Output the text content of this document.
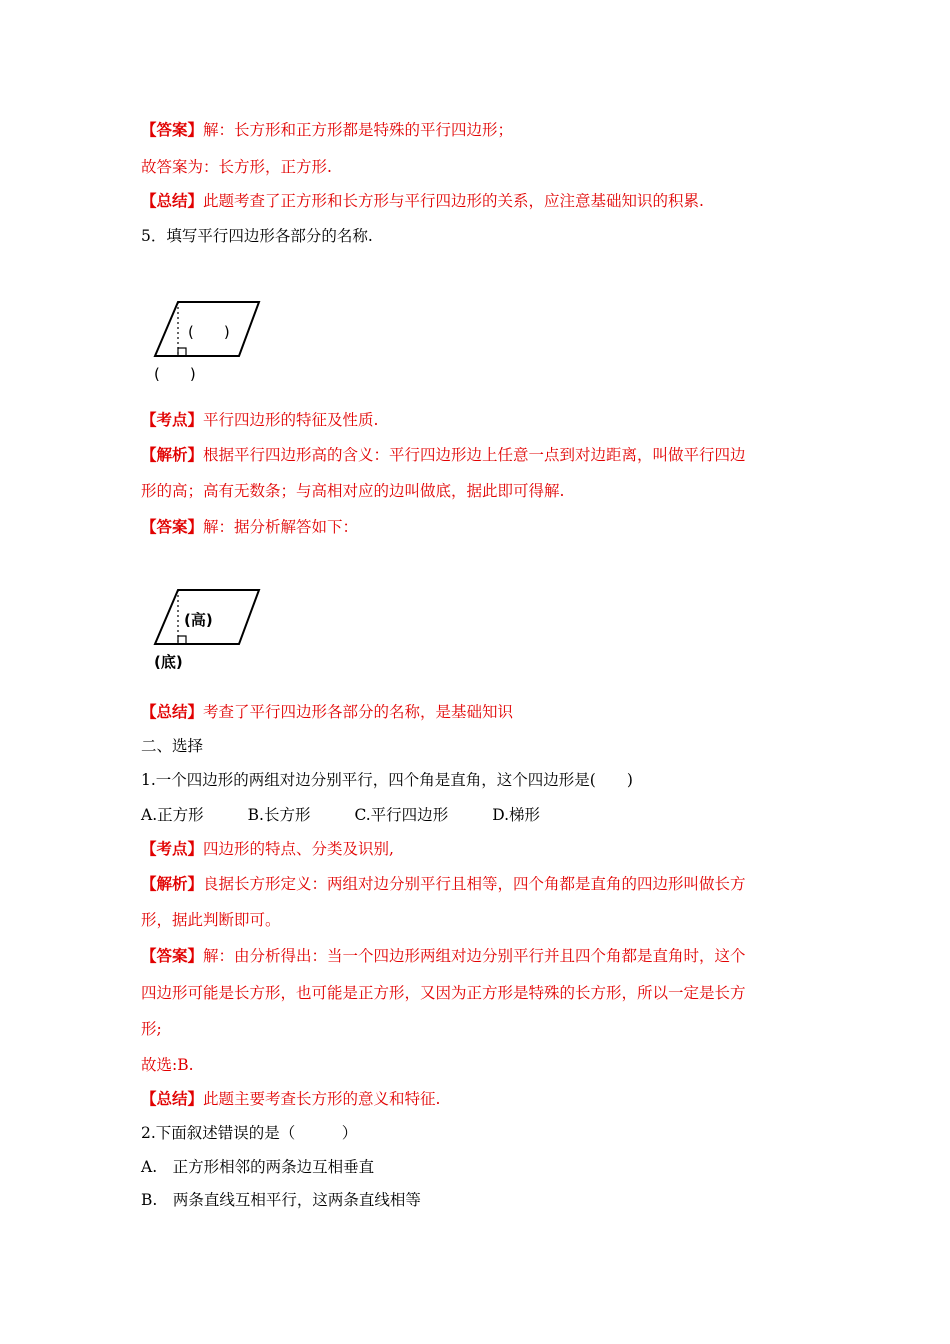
【答案】解：长方形和正方形都是特殊的平行四边形；
故答案为：长方形，正方形.
【总结】此题考查了正方形和长方形与平行四边形的关系，应注意基础知识的积累.
5．填写平行四边形各部分的名称.
(　　)
(　　)
【考点】平行四边形的特征及性质.
【解析】根据平行四边形高的含义：平行四边形边上任意一点到对边距离，叫做平行四边
形的高；高有无数条；与高相对应的边叫做底，据此即可得解.
【答案】解：据分析解答如下：
(高)
(底)
【总结】考查了平行四边形各部分的名称，是基础知识
二、选择
1.一个四边形的两组对边分别平行，四个角是直角，这个四边形是(　　)
A.正方形	B.长方形	C.平行四边形	D.梯形
【考点】四边形的特点、分类及识别,
【解析】良据长方形定义：两组对边分别平行且相等，四个角都是直角的四边形叫做长方
形，据此判断即可。
【答案】解：由分析得出：当一个四边形两组对边分别平行并且四个角都是直角时，这个
四边形可能是长方形，也可能是正方形，又因为正方形是特殊的长方形，所以一定是长方
形;
故选:B.
【总结】此题主要考查长方形的意义和特征.
2.下面叙述错误的是（　　　）
A.　正方形相邻的两条边互相垂直
B.　两条直线互相平行，这两条直线相等
